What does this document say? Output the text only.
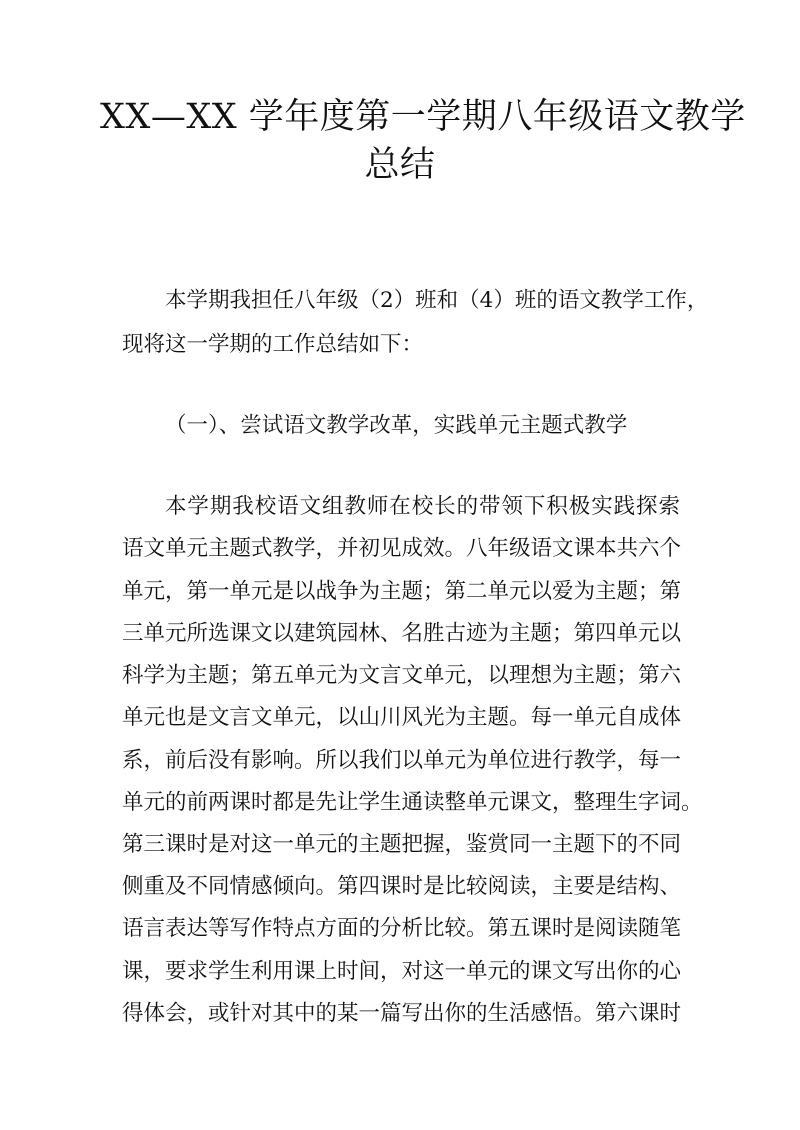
XX—XX 学年度第一学期八年级语文教学
总结
本学期我担任八年级（2）班和（4）班的语文教学工作，
现将这一学期的工作总结如下：
（一）、尝试语文教学改革，实践单元主题式教学
本学期我校语文组教师在校长的带领下积极实践探索
语文单元主题式教学，并初见成效。八年级语文课本共六个
单元，第一单元是以战争为主题；第二单元以爱为主题；第
三单元所选课文以建筑园林、名胜古迹为主题；第四单元以
科学为主题；第五单元为文言文单元，以理想为主题；第六
单元也是文言文单元，以山川风光为主题。每一单元自成体
系，前后没有影响。所以我们以单元为单位进行教学，每一
单元的前两课时都是先让学生通读整单元课文，整理生字词。
第三课时是对这一单元的主题把握，鉴赏同一主题下的不同
侧重及不同情感倾向。第四课时是比较阅读，主要是结构、
语言表达等写作特点方面的分析比较。第五课时是阅读随笔
课，要求学生利用课上时间，对这一单元的课文写出你的心
得体会，或针对其中的某一篇写出你的生活感悟。第六课时
